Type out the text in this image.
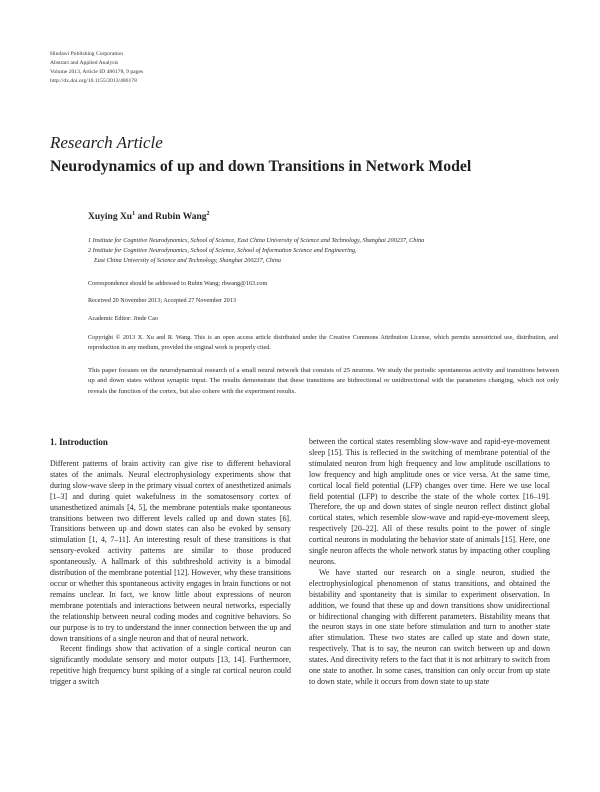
Hindawi Publishing Corporation
Abstract and Applied Analysis
Volume 2013, Article ID 486178, 9 pages
http://dx.doi.org/10.1155/2013/486178
Research Article
Neurodynamics of up and down Transitions in Network Model
Xuying Xu$^1$ and Rubin Wang$^2$
1 Institute for Cognitive Neurodynamics, School of Science, East China University of Science and Technology, Shanghai 200237, China
2 Institute for Cognitive Neurodynamics, School of Science, School of Information Science and Engineering,
East China University of Science and Technology, Shanghai 200237, China
Correspondence should be addressed to Rubin Wang; rbwang@163.com
Received 20 November 2013; Accepted 27 November 2013
Academic Editor: Jinde Cao
Copyright © 2013 X. Xu and R. Wang. This is an open access article distributed under the Creative Commons Attribution License, which permits unrestricted use, distribution, and reproduction in any medium, provided the original work is properly cited.
This paper focuses on the neurodynamical research of a small neural network that consists of 25 neurons. We study the periodic spontaneous activity and transitions between up and down states without synaptic input. The results demonstrate that these transitions are bidirectional or unidirectional with the parameters changing, which not only reveals the function of the cortex, but also cohere with the experiment results.
1. Introduction

Different patterns of brain activity can give rise to different behavioral states of the animals. Neural electrophysiology experiments show that during slow-wave sleep in the primary visual cortex of anesthetized animals [1–3] and during quiet wakefulness in the somatosensory cortex of unanesthetized animals [4, 5], the membrane potentials make spontaneous transitions between two different levels called up and down states [6]. Transitions between up and down states can also be evoked by sensory stimulation [1, 4, 7–11]. An interesting result of these transitions is that sensory-evoked activity patterns are similar to those produced spontaneously. A hallmark of this subthreshold activity is a bimodal distribution of the membrane potential [12]. However, why these transitions occur or whether this spontaneous activity engages in brain functions or not remains unclear. In fact, we know little about expressions of neuron membrane potentials and interactions between neural networks, especially the relationship between neural coding modes and cognitive behaviors. So our purpose is to try to understand the inner connection between the up and down transitions of a single neuron and that of neural network.

Recent findings show that activation of a single cortical neuron can significantly modulate sensory and motor outputs [13, 14]. Furthermore, repetitive high frequency burst spiking of a single rat cortical neuron could trigger a switch

between the cortical states resembling slow-wave and rapid-eye-movement sleep [15]. This is reflected in the switching of membrane potential of the stimulated neuron from high frequency and low amplitude oscillations to low frequency and high amplitude ones or vice versa. At the same time, cortical local field potential (LFP) changes over time. Here we use local field potential (LFP) to describe the state of the whole cortex [16–19]. Therefore, the up and down states of single neuron reflect distinct global cortical states, which resemble slow-wave and rapid-eye-movement sleep, respectively [20–22]. All of these results point to the power of single cortical neurons in modulating the behavior state of animals [15]. Here, one single neuron affects the whole network status by impacting other coupling neurons.

We have started our research on a single neuron, studied the electrophysiological phenomenon of status transitions, and obtained the bistability and spontaneity that is similar to experiment observation. In addition, we found that these up and down transitions show unidirectional or bidirectional changing with different parameters. Bistability means that the neuron stays in one state before stimulation and turn to another state after stimulation. These two states are called up state and down state, respectively. That is to say, the neuron can switch between up and down states. And directivity refers to the fact that it is not arbitrary to switch from one state to another. In some cases, transition can only occur from up state to down state, while it occurs from down state to up state
